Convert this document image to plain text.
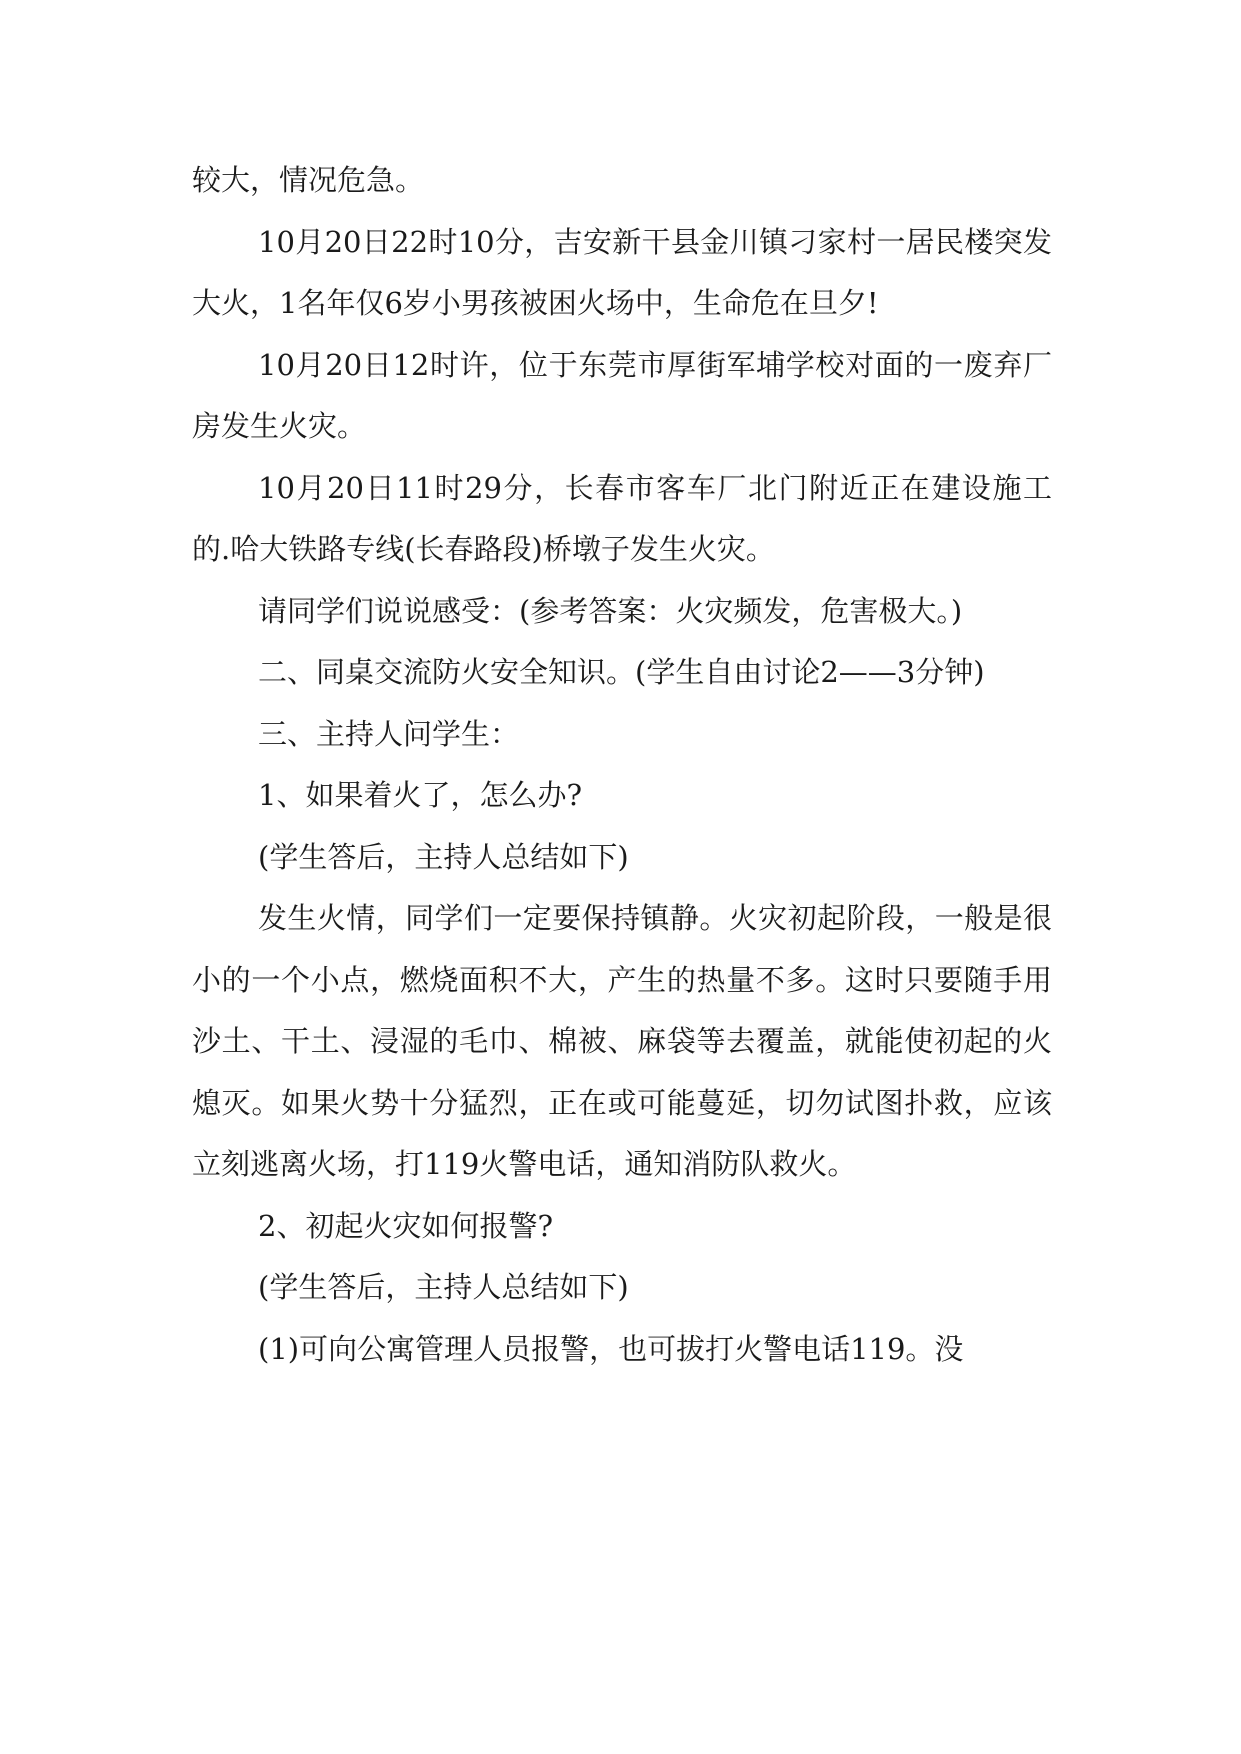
较大，情况危急。

10月20日22时10分，吉安新干县金川镇刁家村一居民楼突发大火，1名年仅6岁小男孩被困火场中，生命危在旦夕!

10月20日12时许，位于东莞市厚街军埔学校对面的一废弃厂房发生火灾。

10月20日11时29分，长春市客车厂北门附近正在建设施工的.哈大铁路专线(长春路段)桥墩子发生火灾。

请同学们说说感受：(参考答案：火灾频发，危害极大。)

二、同桌交流防火安全知识。(学生自由讨论2——3分钟)

三、主持人问学生：

1、如果着火了，怎么办?

(学生答后，主持人总结如下)

发生火情，同学们一定要保持镇静。火灾初起阶段，一般是很小的一个小点，燃烧面积不大，产生的热量不多。这时只要随手用沙土、干土、浸湿的毛巾、棉被、麻袋等去覆盖，就能使初起的火熄灭。如果火势十分猛烈，正在或可能蔓延，切勿试图扑救，应该立刻逃离火场，打119火警电话，通知消防队救火。

2、初起火灾如何报警?

(学生答后，主持人总结如下)

(1)可向公寓管理人员报警，也可拔打火警电话119。没
